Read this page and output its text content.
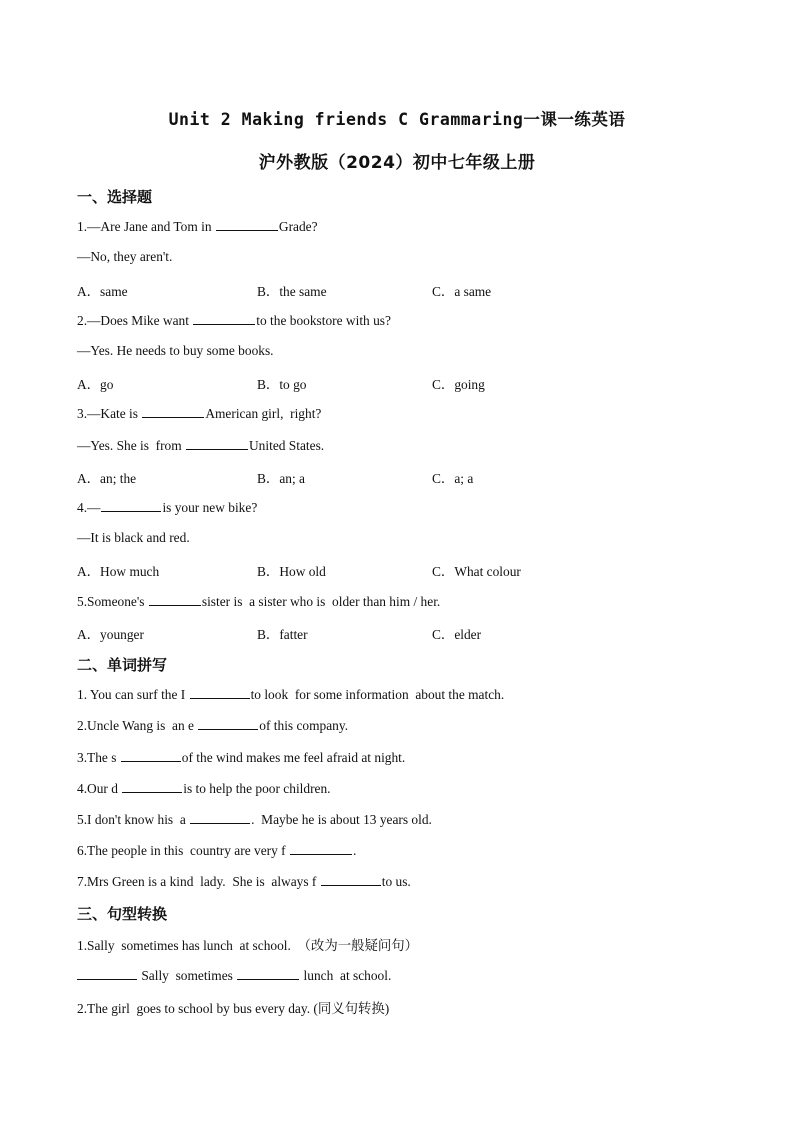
Unit 2 Making friends C Grammaring一课一练英语
沪外教版（2024）初中七年级上册
一、选择题
1.—Are Jane and Tom in	Grade?
—No, they aren't.
A．same	B．the same	C．a same
2.—Does Mike want	to the bookstore with us?
—Yes. He needs to buy some books.
A．go	B．to go	C．going
3.—Kate is	American girl,  right?
—Yes. She is  from	United States.
A．an; the	B．an; a	C．a; a
4.—	is your new bike?
—It is black and red.
A．How much	B．How old	C．What colour
5.Someone's	sister is  a sister who is  older than him / her.
A．younger	B．fatter	C．elder
二、单词拼写
1. You can surf the I	to look  for some information  about the match.
2.Uncle Wang is  an e	of this company.
3.The s	of the wind makes me feel afraid at night.
4.Our d	is to help the poor children.
5.I don't know his  a	.  Maybe he is about 13 years old.
6.The people in this  country are very f	.
7.Mrs Green is a kind  lady.  She is  always f	to us.
三、句型转换
1.Sally  sometimes has lunch  at school.  （改为一般疑问句）
Sally  sometimes	lunch  at school.
2.The girl  goes to school by bus every day. (同义句转换)
